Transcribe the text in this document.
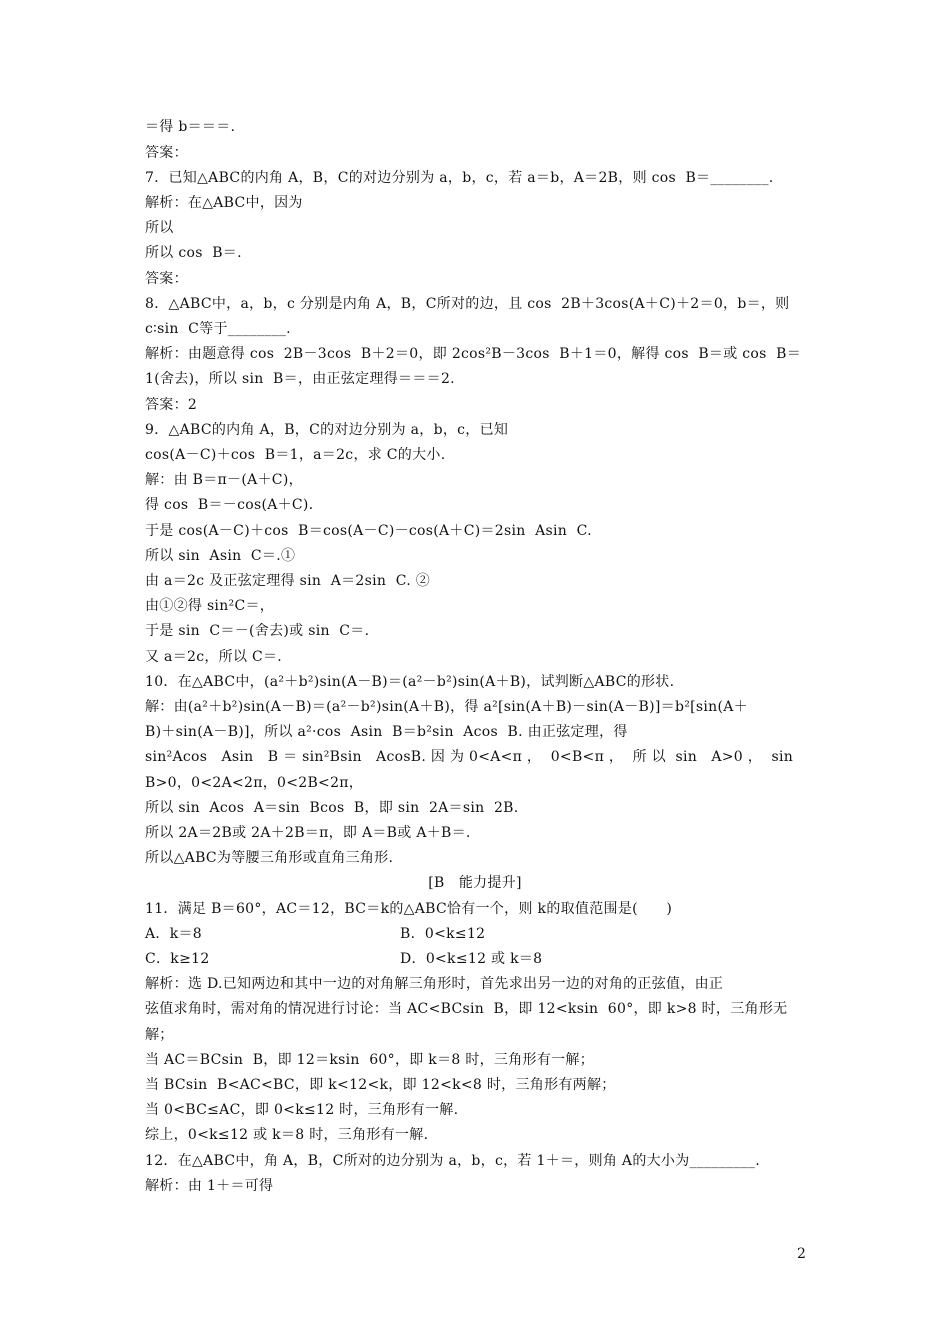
＝得 b＝＝＝.
答案：
7．已知△ABC的内角 A，B，C的对边分别为 a，b，c，若 a＝b，A＝2B，则 cos  B＝________.
解析：在△ABC中，因为
所以
所以 cos  B＝.
答案：
8．△ABC中，a，b，c 分别是内角 A，B，C所对的边，且 cos  2B＋3cos(A＋C)＋2＝0，b＝，则
c∶sin  C等于________.
解析：由题意得 cos  2B－3cos  B＋2＝0，即 2cos²B－3cos  B＋1＝0，解得 cos  B＝或 cos  B＝
1(舍去)，所以 sin  B＝，由正弦定理得＝＝＝2.
答案：2
9．△ABC的内角 A，B，C的对边分别为 a，b，c，已知
cos(A－C)＋cos  B＝1，a＝2c，求 C的大小.
解：由 B＝π－(A＋C)，
得 cos  B＝－cos(A＋C)．
于是 cos(A－C)＋cos  B＝cos(A－C)－cos(A＋C)＝2sin  Asin  C.
所以 sin  Asin  C＝.①
由 a＝2c 及正弦定理得 sin  A＝2sin  C. ②
由①②得 sin²C＝，
于是 sin  C＝－(舍去)或 sin  C＝.
又 a＝2c，所以 C＝.
10．在△ABC中，(a²＋b²)sin(A－B)＝(a²－b²)sin(A＋B)，试判断△ABC的形状.
解：由(a²＋b²)sin(A－B)＝(a²－b²)sin(A＋B)，得 a²[sin(A＋B)－sin(A－B)]＝b²[sin(A＋
B)＋sin(A－B)]，所以 a²·cos  Asin  B＝b²sin  Acos  B. 由正弦定理，得
sin²Acos   Asin   B ＝ sin²Bsin   AcosB. 因 为 0<A<π ，  0<B<π ，  所 以  sin   A>0 ，  sin
B>0，0<2A<2π，0<2B<2π，
所以 sin  Acos  A＝sin  Bcos  B，即 sin  2A＝sin  2B.
所以 2A＝2B或 2A＋2B＝π，即 A＝B或 A＋B＝.
所以△ABC为等腰三角形或直角三角形.
[B   能力提升]
11．满足 B＝60°，AC＝12，BC＝k的△ABC恰有一个，则 k的取值范围是(      )
A．k＝8	B．0<k≤12
C．k≥12	D．0<k≤12 或 k＝8
解析：选 D.已知两边和其中一边的对角解三角形时，首先求出另一边的对角的正弦值，由正
弦值求角时，需对角的情况进行讨论：当 AC<BCsin  B，即 12<ksin  60°，即 k>8 时，三角形无
解；
当 AC＝BCsin  B，即 12＝ksin  60°，即 k＝8 时，三角形有一解；
当 BCsin  B<AC<BC，即 k<12<k，即 12<k<8 时，三角形有两解；
当 0<BC≤AC，即 0<k≤12 时，三角形有一解.
综上，0<k≤12 或 k＝8 时，三角形有一解.
12．在△ABC中，角 A，B，C所对的边分别为 a，b，c，若 1＋＝，则角 A的大小为_________.
解析：由 1＋＝可得
2
